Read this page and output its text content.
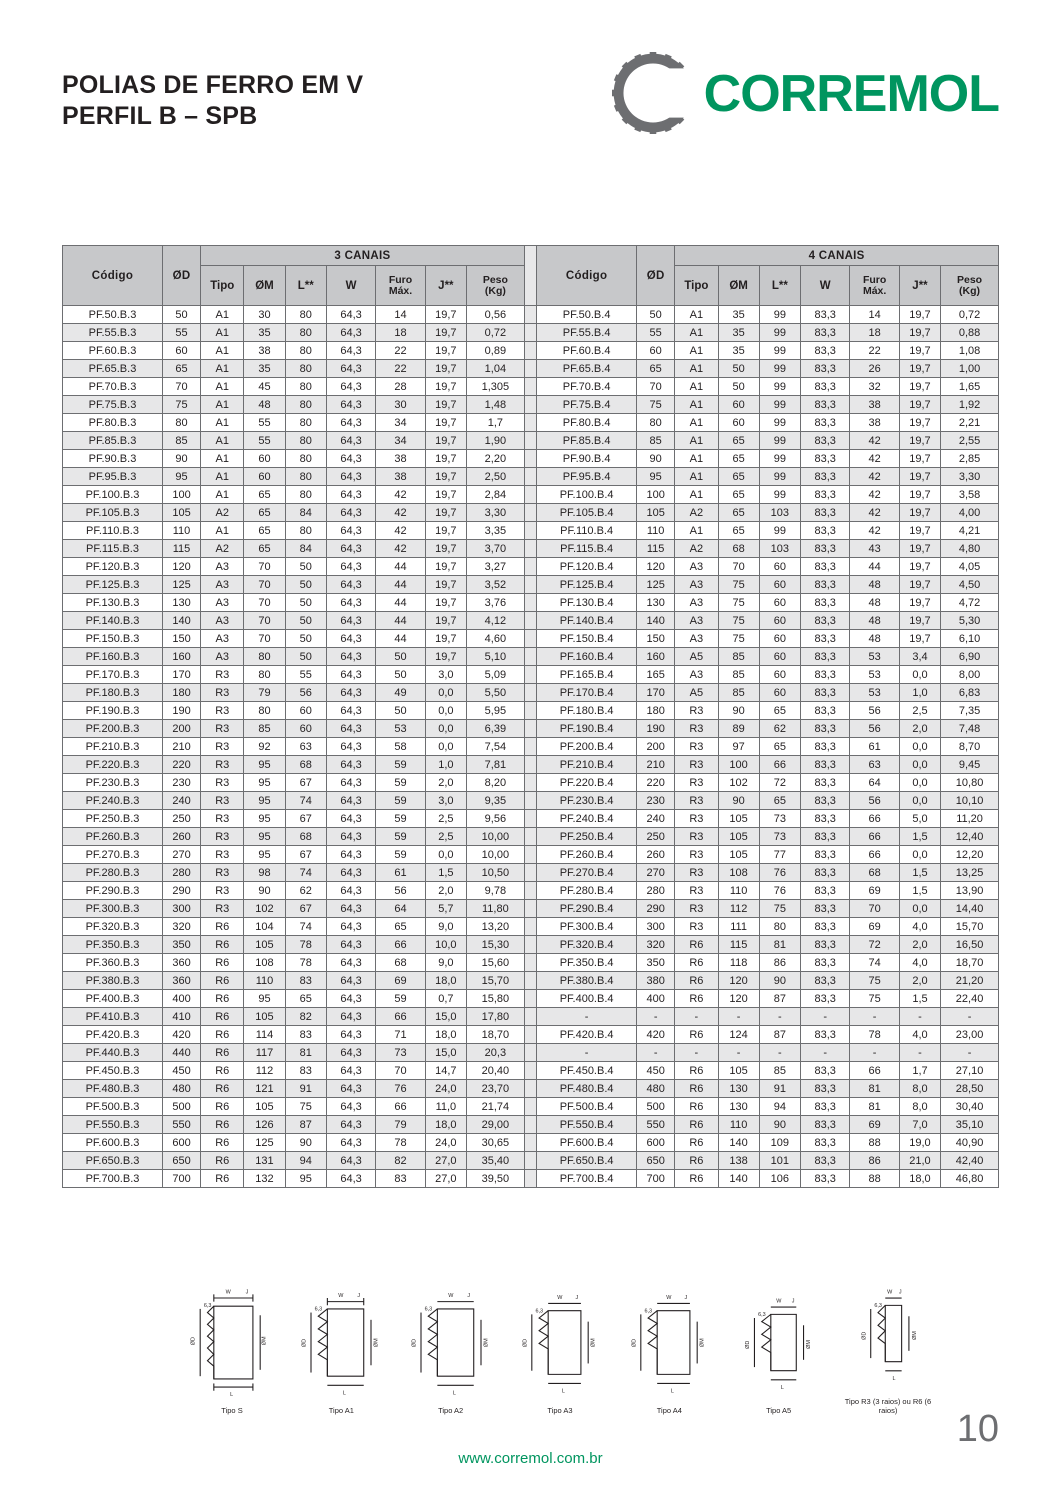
POLIAS DE FERRO EM V
PERFIL B – SPB	CORREMOL
Código	ØD	3 CANAIS								Código	ØD	4 CANAIS						
		Tipo	ØM	L**	W	Furo
Máx.	J**	Peso
(Kg)				Tipo	ØM	L**	W	Furo
Máx.	J**	Peso
(Kg)

PF.50.B.3	50	A1	30	80	64,3	14	19,7	0,56		PF.50.B.4	50	A1	35	99	83,3	14	19,7	0,72
PF.55.B.3	55	A1	35	80	64,3	18	19,7	0,72		PF.55.B.4	55	A1	35	99	83,3	18	19,7	0,88
PF.60.B.3	60	A1	38	80	64,3	22	19,7	0,89		PF.60.B.4	60	A1	35	99	83,3	22	19,7	1,08
PF.65.B.3	65	A1	35	80	64,3	22	19,7	1,04		PF.65.B.4	65	A1	50	99	83,3	26	19,7	1,00
PF.70.B.3	70	A1	45	80	64,3	28	19,7	1,305		PF.70.B.4	70	A1	50	99	83,3	32	19,7	1,65
PF.75.B.3	75	A1	48	80	64,3	30	19,7	1,48		PF.75.B.4	75	A1	60	99	83,3	38	19,7	1,92
PF.80.B.3	80	A1	55	80	64,3	34	19,7	1,7		PF.80.B.4	80	A1	60	99	83,3	38	19,7	2,21
PF.85.B.3	85	A1	55	80	64,3	34	19,7	1,90		PF.85.B.4	85	A1	65	99	83,3	42	19,7	2,55
PF.90.B.3	90	A1	60	80	64,3	38	19,7	2,20		PF.90.B.4	90	A1	65	99	83,3	42	19,7	2,85
PF.95.B.3	95	A1	60	80	64,3	38	19,7	2,50		PF.95.B.4	95	A1	65	99	83,3	42	19,7	3,30
PF.100.B.3	100	A1	65	80	64,3	42	19,7	2,84		PF.100.B.4	100	A1	65	99	83,3	42	19,7	3,58
PF.105.B.3	105	A2	65	84	64,3	42	19,7	3,30		PF.105.B.4	105	A2	65	103	83,3	42	19,7	4,00
PF.110.B.3	110	A1	65	80	64,3	42	19,7	3,35		PF.110.B.4	110	A1	65	99	83,3	42	19,7	4,21
PF.115.B.3	115	A2	65	84	64,3	42	19,7	3,70		PF.115.B.4	115	A2	68	103	83,3	43	19,7	4,80
PF.120.B.3	120	A3	70	50	64,3	44	19,7	3,27		PF.120.B.4	120	A3	70	60	83,3	44	19,7	4,05
PF.125.B.3	125	A3	70	50	64,3	44	19,7	3,52		PF.125.B.4	125	A3	75	60	83,3	48	19,7	4,50
PF.130.B.3	130	A3	70	50	64,3	44	19,7	3,76		PF.130.B.4	130	A3	75	60	83,3	48	19,7	4,72
PF.140.B.3	140	A3	70	50	64,3	44	19,7	4,12		PF.140.B.4	140	A3	75	60	83,3	48	19,7	5,30
PF.150.B.3	150	A3	70	50	64,3	44	19,7	4,60		PF.150.B.4	150	A3	75	60	83,3	48	19,7	6,10
PF.160.B.3	160	A3	80	50	64,3	50	19,7	5,10		PF.160.B.4	160	A5	85	60	83,3	53	3,4	6,90
PF.170.B.3	170	R3	80	55	64,3	50	3,0	5,09		PF.165.B.4	165	A3	85	60	83,3	53	0,0	8,00
PF.180.B.3	180	R3	79	56	64,3	49	0,0	5,50		PF.170.B.4	170	A5	85	60	83,3	53	1,0	6,83
PF.190.B.3	190	R3	80	60	64,3	50	0,0	5,95		PF.180.B.4	180	R3	90	65	83,3	56	2,5	7,35
PF.200.B.3	200	R3	85	60	64,3	53	0,0	6,39		PF.190.B.4	190	R3	89	62	83,3	56	2,0	7,48
PF.210.B.3	210	R3	92	63	64,3	58	0,0	7,54		PF.200.B.4	200	R3	97	65	83,3	61	0,0	8,70
PF.220.B.3	220	R3	95	68	64,3	59	1,0	7,81		PF.210.B.4	210	R3	100	66	83,3	63	0,0	9,45
PF.230.B.3	230	R3	95	67	64,3	59	2,0	8,20		PF.220.B.4	220	R3	102	72	83,3	64	0,0	10,80
PF.240.B.3	240	R3	95	74	64,3	59	3,0	9,35		PF.230.B.4	230	R3	90	65	83,3	56	0,0	10,10
PF.250.B.3	250	R3	95	67	64,3	59	2,5	9,56		PF.240.B.4	240	R3	105	73	83,3	66	5,0	11,20
PF.260.B.3	260	R3	95	68	64,3	59	2,5	10,00		PF.250.B.4	250	R3	105	73	83,3	66	1,5	12,40
PF.270.B.3	270	R3	95	67	64,3	59	0,0	10,00		PF.260.B.4	260	R3	105	77	83,3	66	0,0	12,20
PF.280.B.3	280	R3	98	74	64,3	61	1,5	10,50		PF.270.B.4	270	R3	108	76	83,3	68	1,5	13,25
PF.290.B.3	290	R3	90	62	64,3	56	2,0	9,78		PF.280.B.4	280	R3	110	76	83,3	69	1,5	13,90
PF.300.B.3	300	R3	102	67	64,3	64	5,7	11,80		PF.290.B.4	290	R3	112	75	83,3	70	0,0	14,40
PF.320.B.3	320	R6	104	74	64,3	65	9,0	13,20		PF.300.B.4	300	R3	111	80	83,3	69	4,0	15,70
PF.350.B.3	350	R6	105	78	64,3	66	10,0	15,30		PF.320.B.4	320	R6	115	81	83,3	72	2,0	16,50
PF.360.B.3	360	R6	108	78	64,3	68	9,0	15,60		PF.350.B.4	350	R6	118	86	83,3	74	4,0	18,70
PF.380.B.3	360	R6	110	83	64,3	69	18,0	15,70		PF.380.B.4	380	R6	120	90	83,3	75	2,0	21,20
PF.400.B.3	400	R6	95	65	64,3	59	0,7	15,80		PF.400.B.4	400	R6	120	87	83,3	75	1,5	22,40
PF.410.B.3	410	R6	105	82	64,3	66	15,0	17,80		-	-	-	-	-	-	-	-	-
PF.420.B.3	420	R6	114	83	64,3	71	18,0	18,70		PF.420.B.4	420	R6	124	87	83,3	78	4,0	23,00
PF.440.B.3	440	R6	117	81	64,3	73	15,0	20,3		-	-	-	-	-	-	-	-	-
PF.450.B.3	450	R6	112	83	64,3	70	14,7	20,40		PF.450.B.4	450	R6	105	85	83,3	66	1,7	27,10
PF.480.B.3	480	R6	121	91	64,3	76	24,0	23,70		PF.480.B.4	480	R6	130	91	83,3	81	8,0	28,50
PF.500.B.3	500	R6	105	75	64,3	66	11,0	21,74		PF.500.B.4	500	R6	130	94	83,3	81	8,0	30,40
PF.550.B.3	550	R6	126	87	64,3	79	18,0	29,00		PF.550.B.4	550	R6	110	90	83,3	69	7,0	35,10
PF.600.B.3	600	R6	125	90	64,3	78	24,0	30,65		PF.600.B.4	600	R6	140	109	83,3	88	19,0	40,90
PF.650.B.3	650	R6	131	94	64,3	82	27,0	35,40		PF.650.B.4	650	R6	138	101	83,3	86	21,0	42,40
PF.700.B.3	700	R6	132	95	64,3	83	27,0	39,50		PF.700.B.4	700	R6	140	106	83,3	88	18,0	46,80
W J
ØD	ØM
L
6,3
Tipo S
W J
ØD	ØM
L
6,3
Tipo A1
W J
ØD	ØM
L
6,3
Tipo A2
W J
ØD	ØM
L
6,3
Tipo A3
W J
ØD	ØM
L
6,3
Tipo A4
W J
ØD	ØM
L
6,3
Tipo A5
W J
ØD	ØM
L
6,3
Tipo R3 (3 raios) ou R6 (6 raios)	10
www.corremol.com.br
